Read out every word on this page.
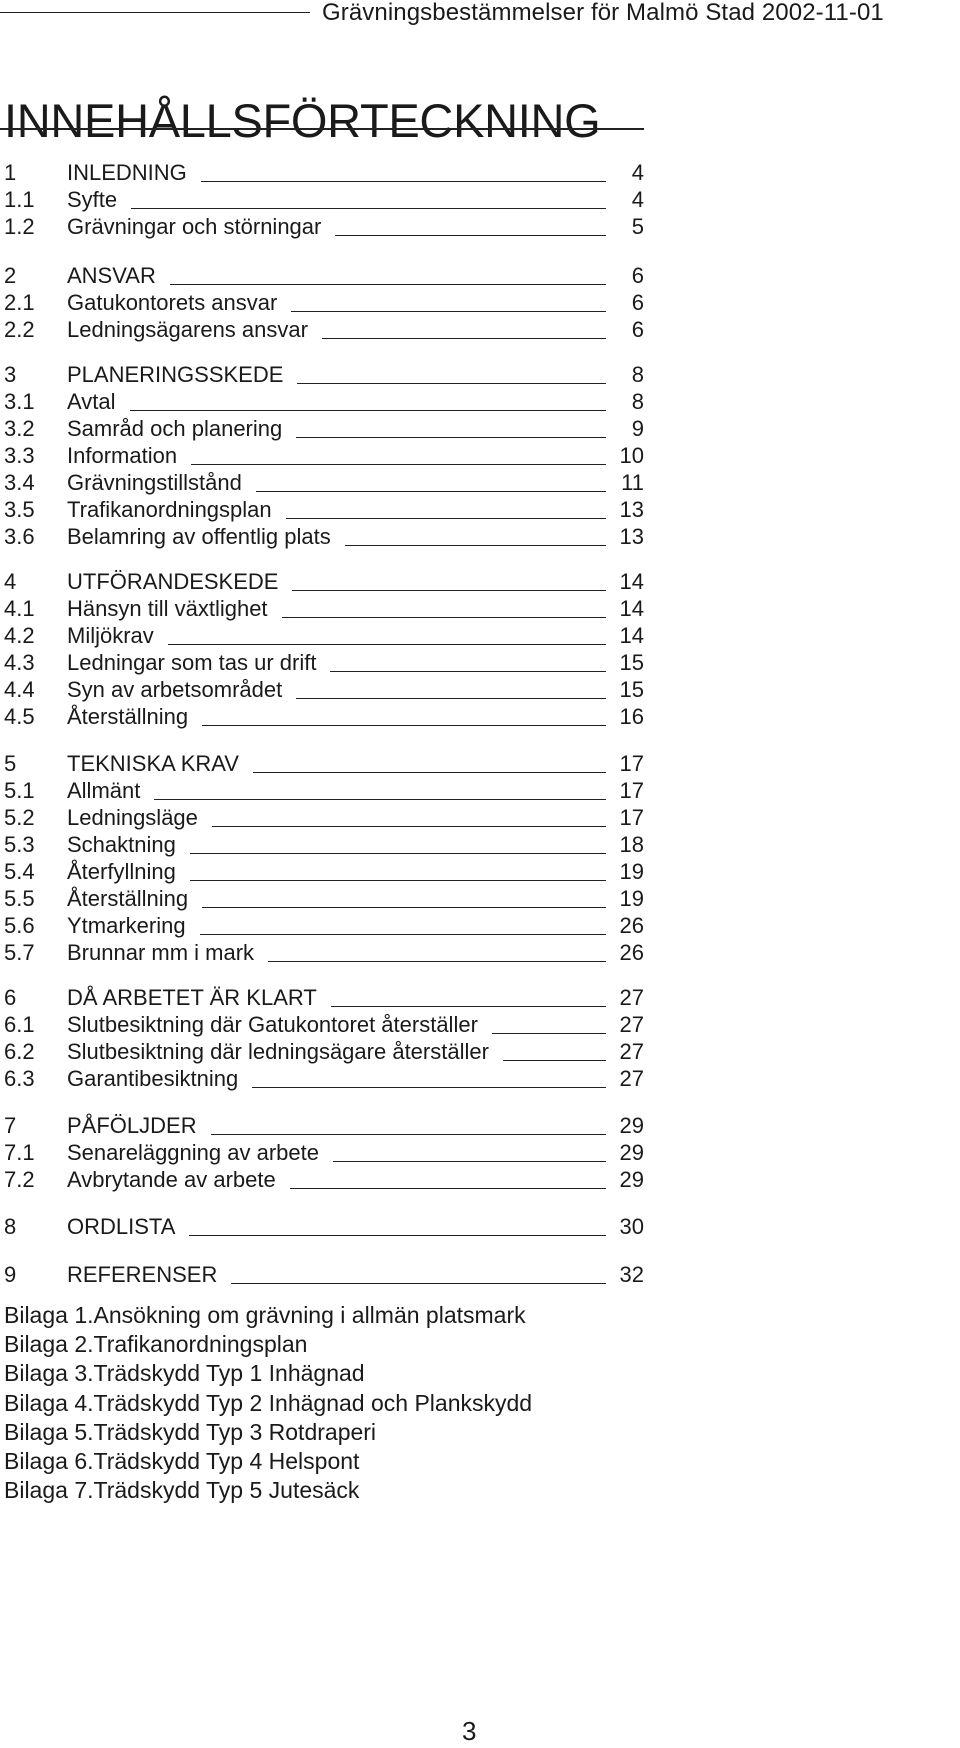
Grävningsbestämmelser för Malmö Stad 2002-11-01
INNEHÅLLSFÖRTECKNING
1	INLEDNING	4
1.1	Syfte	4
1.2	Grävningar och störningar	5
2	ANSVAR	6
2.1	Gatukontorets ansvar	6
2.2	Ledningsägarens ansvar	6
3	PLANERINGSSKEDE	8
3.1	Avtal	8
3.2	Samråd och planering	9
3.3	Information	10
3.4	Grävningstillstånd	11
3.5	Trafikanordningsplan	13
3.6	Belamring av offentlig plats	13
4	UTFÖRANDESKEDE	14
4.1	Hänsyn till växtlighet	14
4.2	Miljökrav	14
4.3	Ledningar som tas ur drift	15
4.4	Syn av arbetsområdet	15
4.5	Återställning	16
5	TEKNISKA KRAV	17
5.1	Allmänt	17
5.2	Ledningsläge	17
5.3	Schaktning	18
5.4	Återfyllning	19
5.5	Återställning	19
5.6	Ytmarkering	26
5.7	Brunnar mm i mark	26
6	DÅ ARBETET ÄR KLART	27
6.1	Slutbesiktning där Gatukontoret återställer	27
6.2	Slutbesiktning där ledningsägare återställer	27
6.3	Garantibesiktning	27
7	PÅFÖLJDER	29
7.1	Senareläggning av arbete	29
7.2	Avbrytande av arbete	29
8	ORDLISTA	30
9	REFERENSER	32
Bilaga 1.Ansökning om grävning i allmän platsmark
Bilaga 2.Trafikanordningsplan
Bilaga 3.Trädskydd Typ 1 Inhägnad
Bilaga 4.Trädskydd Typ 2 Inhägnad och Plankskydd
Bilaga 5.Trädskydd Typ 3 Rotdraperi
Bilaga 6.Trädskydd Typ 4 Helspont
Bilaga 7.Trädskydd Typ 5 Jutesäck
3
